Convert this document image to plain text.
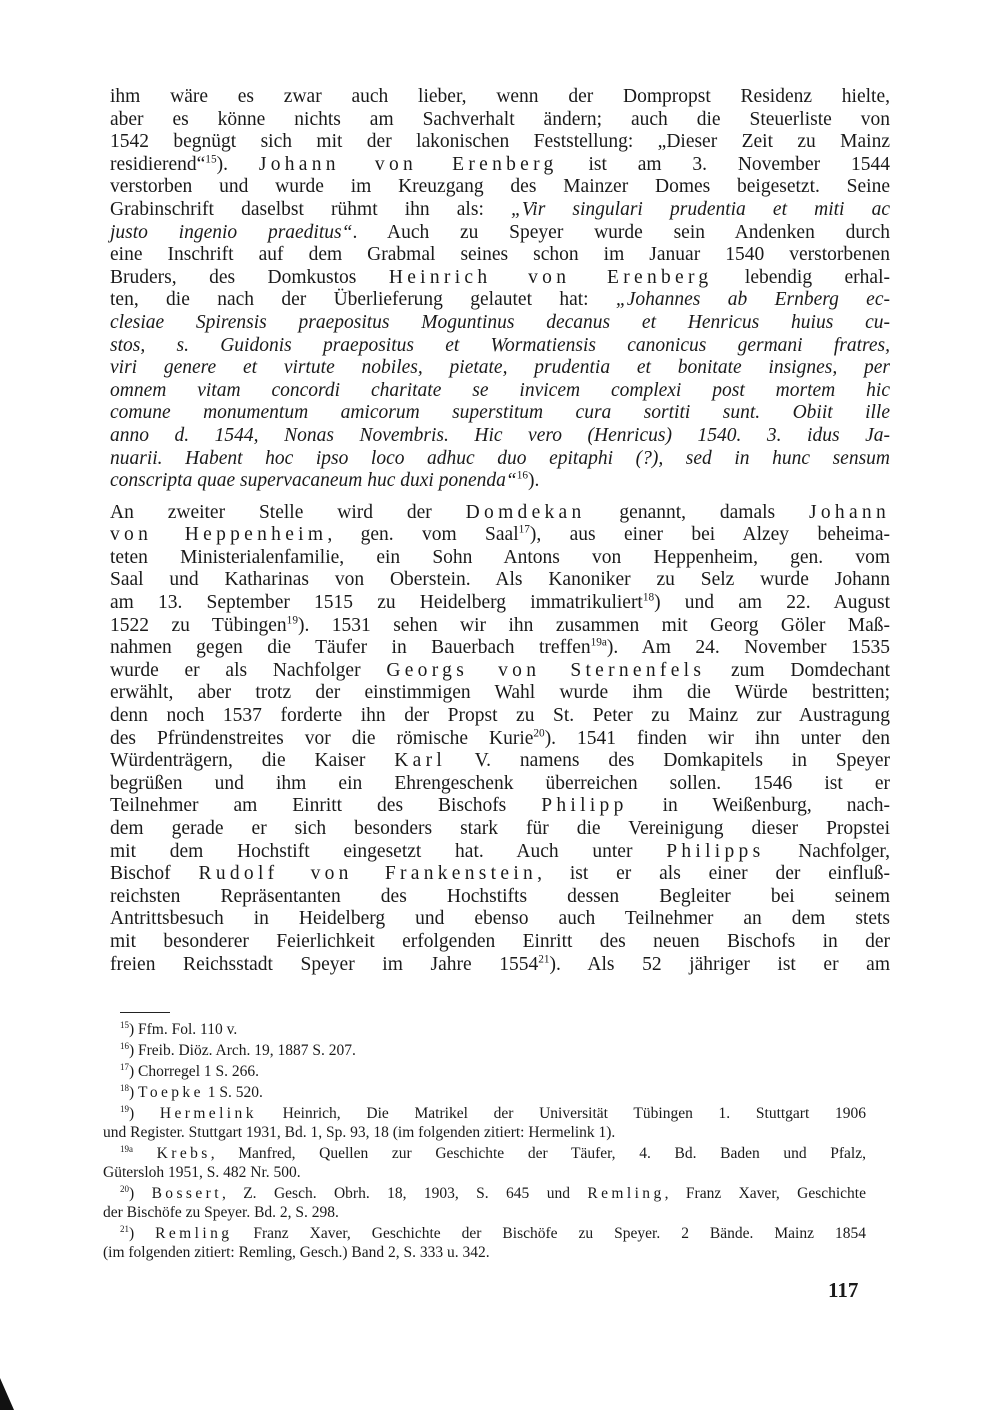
ihm wäre es zwar auch lieber, wenn der Dompropst Residenz hielte,
aber es könne nichts am Sachverhalt ändern; auch die Steuerliste von
1542 begnügt sich mit der lakonischen Feststellung: „Dieser Zeit zu Mainz
residierend“$^{15}$). Johann von Erenberg ist am 3. November 1544
verstorben und wurde im Kreuzgang des Mainzer Domes beigesetzt. Seine
Grabinschrift daselbst rühmt ihn als: „Vir singulari prudentia et miti ac
justo ingenio praeditus“. Auch zu Speyer wurde sein Andenken durch
eine Inschrift auf dem Grabmal seines schon im Januar 1540 verstorbenen
Bruders, des Domkustos Heinrich von Erenberg lebendig erhal-
ten, die nach der Überlieferung gelautet hat: „Johannes ab Ernberg ec-
clesiae Spirensis praepositus Moguntinus decanus et Henricus huius cu-
stos, s. Guidonis praepositus et Wormatiensis canonicus germani fratres,
viri genere et virtute nobiles, pietate, prudentia et bonitate insignes, per
omnem vitam concordi charitate se invicem complexi post mortem hic
comune monumentum amicorum superstitum cura sortiti sunt. Obiit ille
anno d. 1544, Nonas Novembris. Hic vero (Henricus) 1540. 3. idus Ja-
nuarii. Habent hoc ipso loco adhuc duo epitaphi (?), sed in hunc sensum
conscripta quae supervacaneum huc duxi ponenda“$^{16}$).
An zweiter Stelle wird der Domdekan genannt, damals Johann
von Heppenheim, gen. vom Saal$^{17}$), aus einer bei Alzey beheima-
teten Ministerialenfamilie, ein Sohn Antons von Heppenheim, gen. vom
Saal und Katharinas von Oberstein. Als Kanoniker zu Selz wurde Johann
am 13. September 1515 zu Heidelberg immatrikuliert$^{18}$) und am 22. August
1522 zu Tübingen$^{19}$). 1531 sehen wir ihn zusammen mit Georg Göler Maß-
nahmen gegen die Täufer in Bauerbach treffen$^{19a}$). Am 24. November 1535
wurde er als Nachfolger Georgs von Sternenfels zum Domdechant
erwählt, aber trotz der einstimmigen Wahl wurde ihm die Würde bestritten;
denn noch 1537 forderte ihn der Propst zu St. Peter zu Mainz zur Austragung
des Pfründenstreites vor die römische Kurie$^{20}$). 1541 finden wir ihn unter den
Würdenträgern, die Kaiser Karl V. namens des Domkapitels in Speyer
begrüßen und ihm ein Ehrengeschenk überreichen sollen. 1546 ist er
Teilnehmer am Einritt des Bischofs Philipp in Weißenburg, nach-
dem gerade er sich besonders stark für die Vereinigung dieser Propstei
mit dem Hochstift eingesetzt hat. Auch unter Philipps Nachfolger,
Bischof Rudolf von Frankenstein, ist er als einer der einfluß-
reichsten Repräsentanten des Hochstifts dessen Begleiter bei seinem
Antrittsbesuch in Heidelberg und ebenso auch Teilnehmer an dem stets
mit besonderer Feierlichkeit erfolgenden Einritt des neuen Bischofs in der
freien Reichsstadt Speyer im Jahre 1554$^{21}$). Als 52 jähriger ist er am
$^{15}$) Ffm. Fol. 110 v.
$^{16}$) Freib. Diöz. Arch. 19, 1887 S. 207.
$^{17}$) Chorregel 1 S. 266.
$^{18}$) Toepke 1 S. 520.
$^{19}$) Hermelink Heinrich, Die Matrikel der Universität Tübingen 1. Stuttgart 1906
und Register. Stuttgart 1931, Bd. 1, Sp. 93, 18 (im folgenden zitiert: Hermelink 1).
$^{19a}$ Krebs, Manfred, Quellen zur Geschichte der Täufer, 4. Bd. Baden und Pfalz,
Gütersloh 1951, S. 482 Nr. 500.
$^{20}$) Bossert, Z. Gesch. Obrh. 18, 1903, S. 645 und Remling, Franz Xaver, Geschichte
der Bischöfe zu Speyer. Bd. 2, S. 298.
$^{21}$) Remling Franz Xaver, Geschichte der Bischöfe zu Speyer. 2 Bände. Mainz 1854
(im folgenden zitiert: Remling, Gesch.) Band 2, S. 333 u. 342.
117
